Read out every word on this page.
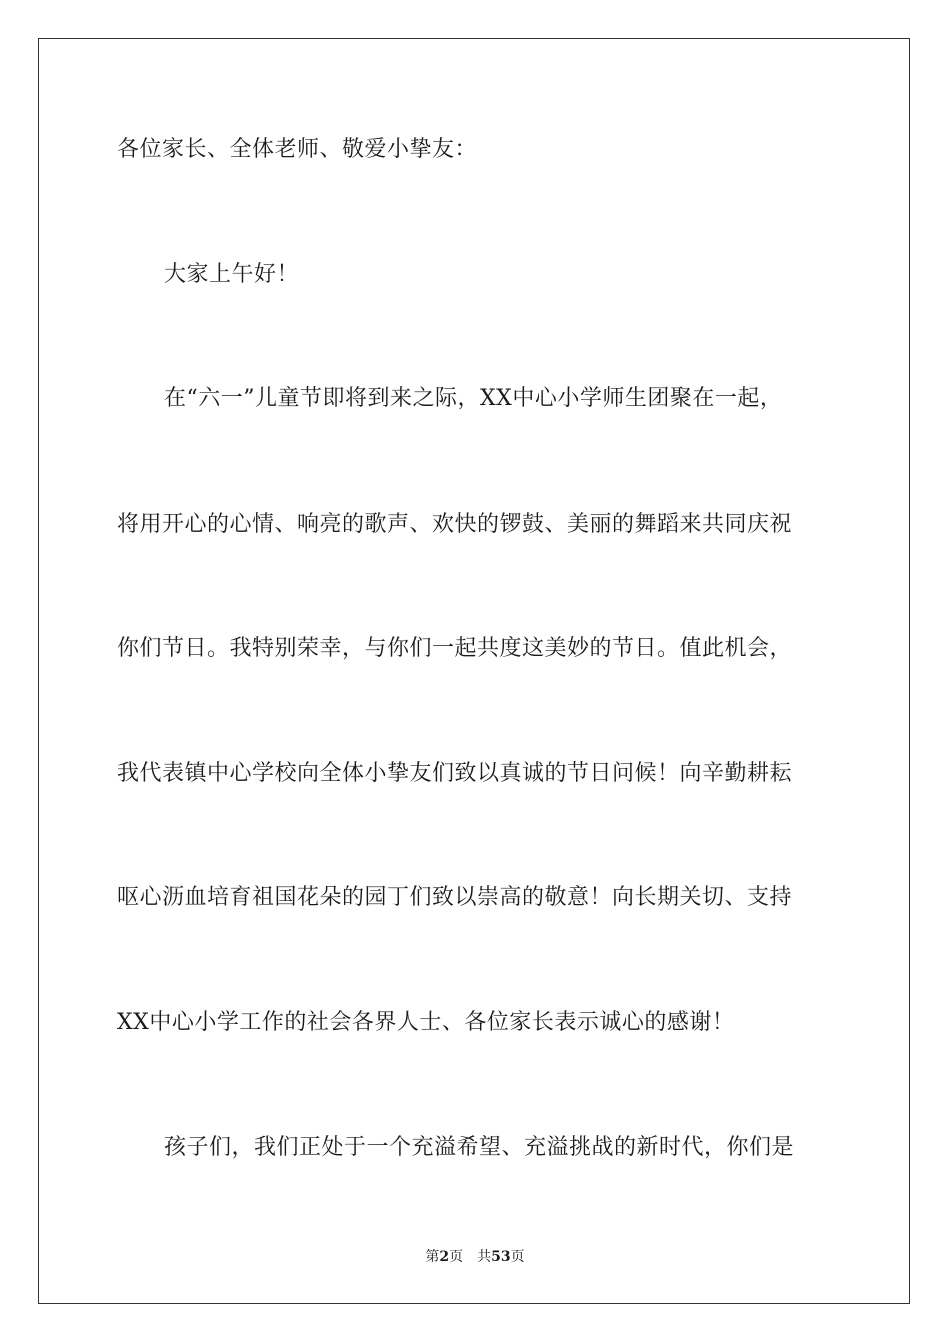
各位家长、全体老师、敬爱小挚友：
大家上午好！
在“六一”儿童节即将到来之际，XX中心小学师生团聚在一起，
将用开心的心情、响亮的歌声、欢快的锣鼓、美丽的舞蹈来共同庆祝
你们节日。我特别荣幸，与你们一起共度这美妙的节日。值此机会，
我代表镇中心学校向全体小挚友们致以真诚的节日问候！向辛勤耕耘
呕心沥血培育祖国花朵的园丁们致以崇高的敬意！向长期关切、支持
XX中心小学工作的社会各界人士、各位家长表示诚心的感谢！
孩子们，我们正处于一个充溢希望、充溢挑战的新时代，你们是
第2页 共53页
